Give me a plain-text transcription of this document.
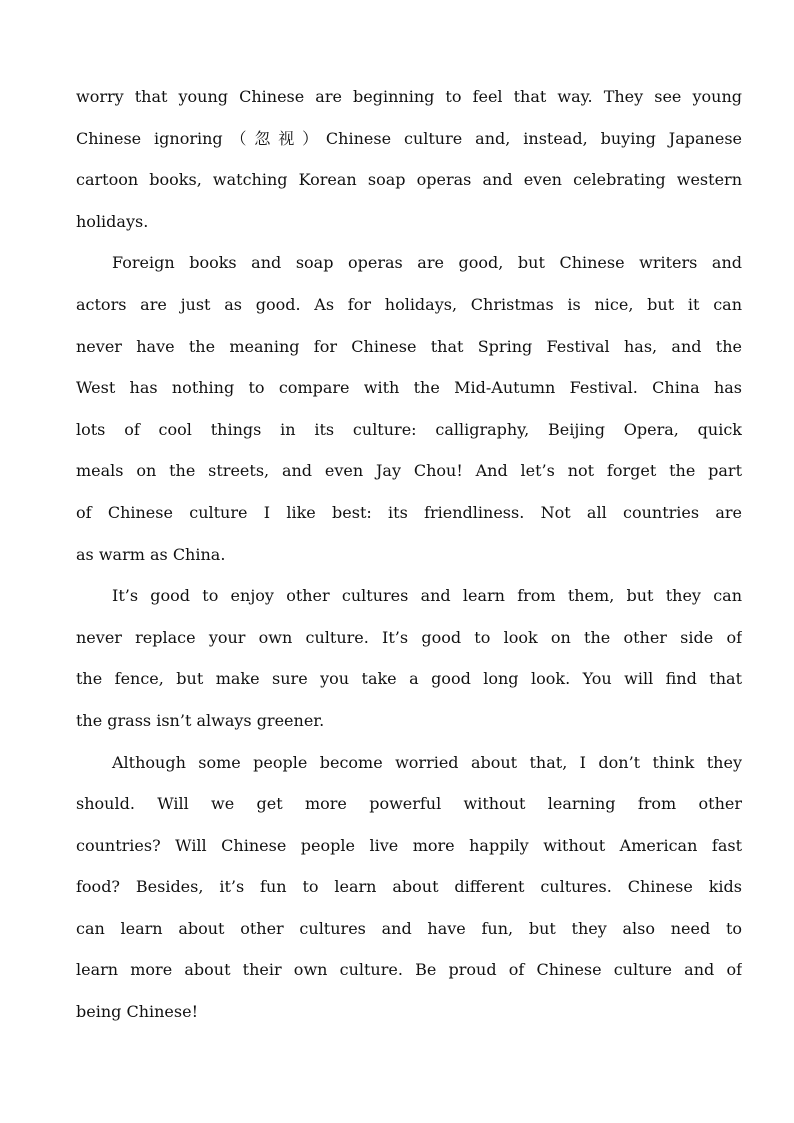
worry that young Chinese are beginning to feel that way. They see young
Chinese ignoring（忽视）Chinese culture and, instead, buying Japanese
cartoon books, watching Korean soap operas and even celebrating western
holidays.
Foreign books and soap operas are good, but Chinese writers and
actors are just as good. As for holidays, Christmas is nice, but it can
never have the meaning for Chinese that Spring Festival has, and the
West has nothing to compare with the Mid-Autumn Festival. China has
lots of cool things in its culture: calligraphy, Beijing Opera, quick
meals on the streets, and even Jay Chou! And let’s not forget the part
of Chinese culture I like best: its friendliness. Not all countries are
as warm as China.
It’s good to enjoy other cultures and learn from them, but they can
never replace your own culture. It’s good to look on the other side of
the fence, but make sure you take a good long look. You will find that
the grass isn’t always greener.
Although some people become worried about that, I don’t think they
should. Will we get more powerful without learning from other
countries? Will Chinese people live more happily without American fast
food? Besides, it’s fun to learn about different cultures. Chinese kids
can learn about other cultures and have fun, but they also need to
learn more about their own culture. Be proud of Chinese culture and of
being Chinese!
